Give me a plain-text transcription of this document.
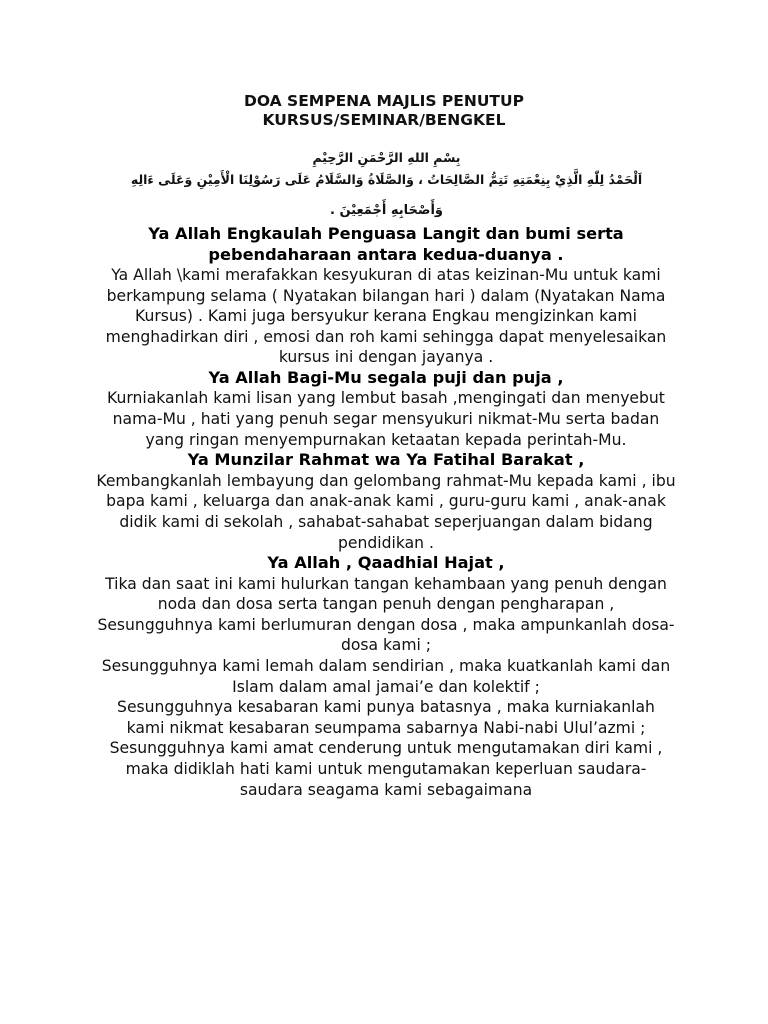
DOA SEMPENA MAJLIS PENUTUP
KURSUS/SEMINAR/BENGKEL

بِسْمِ اللهِ الرَّحْمَنِ الرَّحِيْمِ

اَلْحَمْدُ لِلّٰهِ الَّذِيْ بِنِعْمَتِهِ تَتِمُّ الصَّالِحَاتُ ، وَالصَّلَاةُ وَالسَّلَامُ عَلَى رَسُوْلِنَا الْأَمِيْنِ وَعَلَى ءَالِهِ

وَأَصْحَابِهِ أَجْمَعِيْنَ .

Ya Allah Engkaulah Penguasa Langit dan bumi serta pebendaharaan antara kedua-duanya .

Ya Allah \kami merafakkan kesyukuran di atas keizinan-Mu untuk kami berkampung selama ( Nyatakan bilangan hari ) dalam (Nyatakan Nama Kursus) . Kami juga bersyukur kerana Engkau mengizinkan kami menghadirkan diri , emosi dan roh kami sehingga dapat menyelesaikan kursus ini dengan jayanya .

Ya Allah Bagi-Mu segala puji dan puja ,

Kurniakanlah kami lisan yang lembut basah ,mengingati dan menyebut nama-Mu , hati yang penuh segar mensyukuri nikmat-Mu serta badan yang ringan menyempurnakan ketaatan kepada perintah-Mu.

Ya Munzilar Rahmat wa Ya Fatihal Barakat ,

Kembangkanlah lembayung dan gelombang rahmat-Mu kepada kami , ibu bapa kami , keluarga dan anak-anak kami , guru-guru kami , anak-anak didik kami di sekolah , sahabat-sahabat seperjuangan dalam bidang pendidikan .

Ya Allah , Qaadhial Hajat ,

Tika dan saat ini kami hulurkan tangan kehambaan yang penuh dengan noda dan dosa serta tangan penuh dengan pengharapan ,

Sesungguhnya kami berlumuran dengan dosa , maka ampunkanlah dosa-dosa kami ;

Sesungguhnya kami lemah dalam sendirian , maka kuatkanlah kami dan Islam dalam amal jamai’e dan kolektif ;

Sesungguhnya kesabaran kami punya batasnya , maka kurniakanlah kami nikmat kesabaran seumpama sabarnya Nabi-nabi Ulul’azmi ;

Sesungguhnya kami amat cenderung untuk mengutamakan diri kami , maka didiklah hati kami untuk mengutamakan keperluan saudara-saudara seagama kami sebagaimana
